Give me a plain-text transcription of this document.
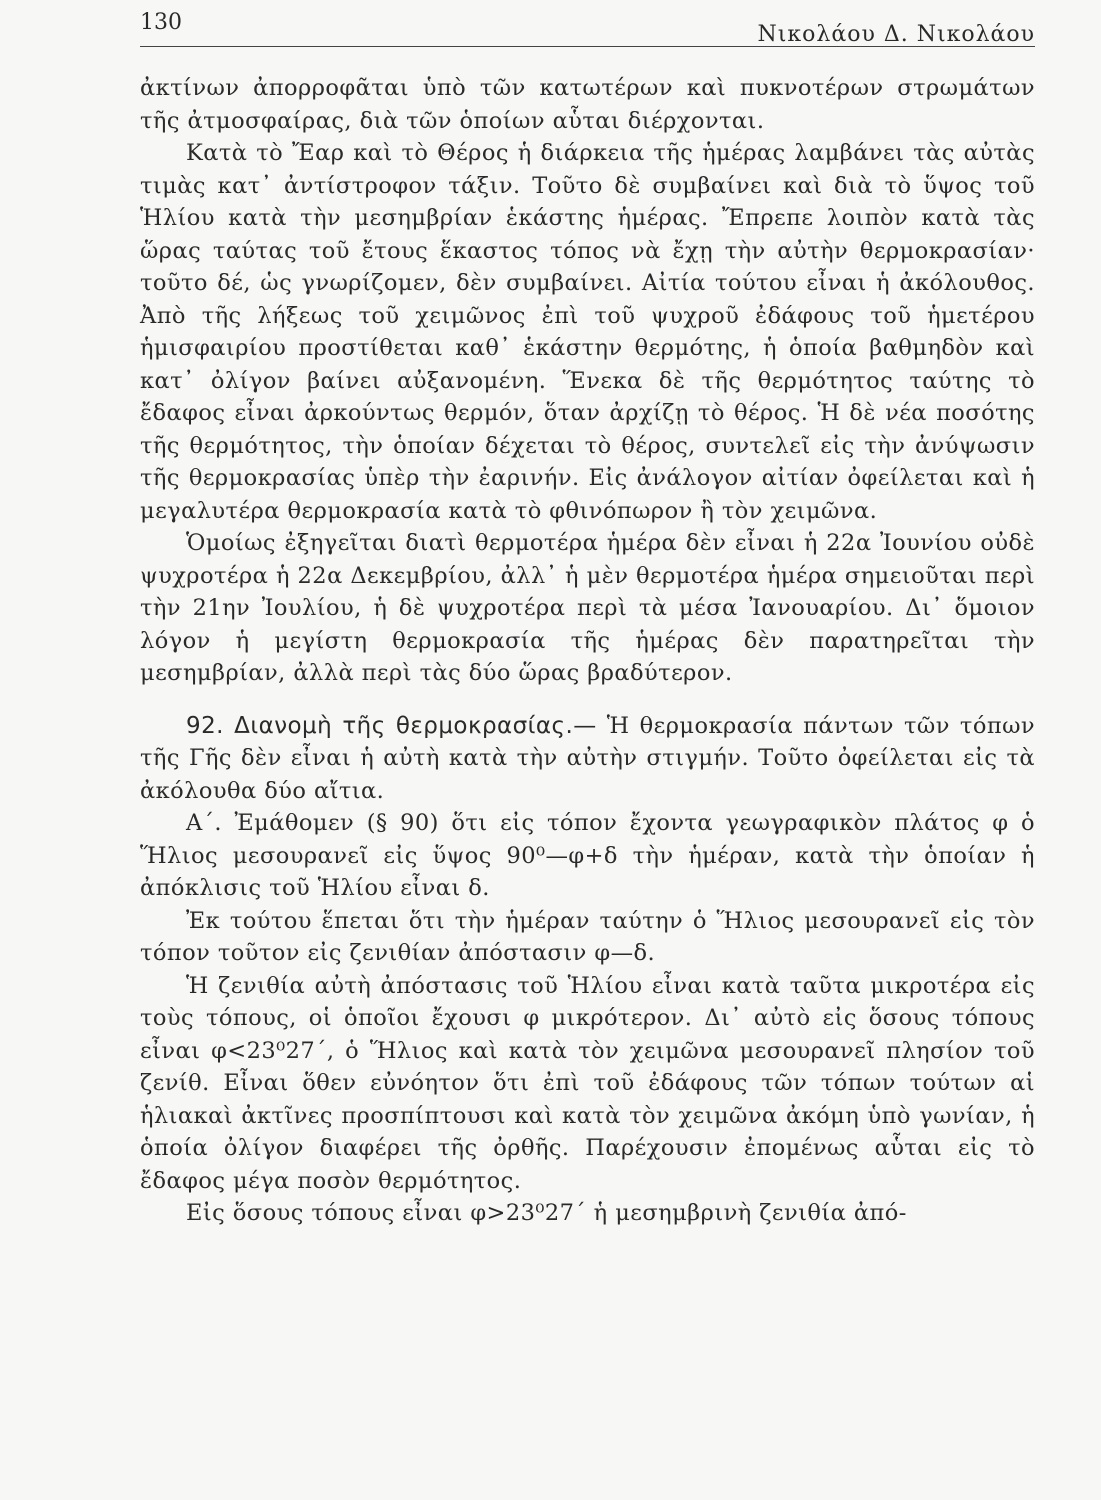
130	Νικολάου Δ. Νικολάου

ἀκτίνων ἀπορροφᾶται ὑπὸ τῶν κατωτέρων καὶ πυκνοτέρων στρωμάτων τῆς ἀτμοσφαίρας, διὰ τῶν ὁποίων αὗται διέρχονται.

Κατὰ τὸ Ἔαρ καὶ τὸ Θέρος ἡ διάρκεια τῆς ἡμέρας λαμβάνει τὰς αὐτὰς τιμὰς κατ᾽ ἀντίστροφον τάξιν. Τοῦτο δὲ συμβαίνει καὶ διὰ τὸ ὕψος τοῦ Ἡλίου κατὰ τὴν μεσημβρίαν ἑκάστης ἡμέρας. Ἔπρεπε λοιπὸν κατὰ τὰς ὥρας ταύτας τοῦ ἔτους ἕκαστος τόπος νὰ ἔχῃ τὴν αὐτὴν θερμοκρασίαν· τοῦτο δέ, ὡς γνωρίζομεν, δὲν συμβαίνει. Αἰτία τούτου εἶναι ἡ ἀκόλουθος. Ἀπὸ τῆς λήξεως τοῦ χειμῶνος ἐπὶ τοῦ ψυχροῦ ἐδάφους τοῦ ἡμετέρου ἡμισφαιρίου προστίθεται καθ᾽ ἑκάστην θερμότης, ἡ ὁποία βαθμηδὸν καὶ κατ᾽ ὀλίγον βαίνει αὐξανομένη. Ἕνεκα δὲ τῆς θερμότητος ταύτης τὸ ἔδαφος εἶναι ἀρκούντως θερμόν, ὅταν ἀρχίζῃ τὸ θέρος. Ἡ δὲ νέα ποσότης τῆς θερμότητος, τὴν ὁποίαν δέχεται τὸ θέρος, συντελεῖ εἰς τὴν ἀνύψωσιν τῆς θερμοκρασίας ὑπὲρ τὴν ἐαρινήν. Εἰς ἀνάλογον αἰτίαν ὀφείλεται καὶ ἡ μεγαλυτέρα θερμοκρασία κατὰ τὸ φθινόπωρον ἢ τὸν χειμῶνα.

Ὁμοίως ἐξηγεῖται διατὶ θερμοτέρα ἡμέρα δὲν εἶναι ἡ 22α Ἰουνίου οὐδὲ ψυχροτέρα ἡ 22α Δεκεμβρίου, ἀλλ᾽ ἡ μὲν θερμοτέρα ἡμέρα σημειοῦται περὶ τὴν 21ην Ἰουλίου, ἡ δὲ ψυχροτέρα περὶ τὰ μέσα Ἰανουαρίου. Δι᾽ ὅμοιον λόγον ἡ μεγίστη θερμοκρασία τῆς ἡμέρας δὲν παρατηρεῖται τὴν μεσημβρίαν, ἀλλὰ περὶ τὰς δύο ὥρας βραδύτερον.

92. Διανομὴ τῆς θερμοκρασίας.— Ἡ θερμοκρασία πάντων τῶν τόπων τῆς Γῆς δὲν εἶναι ἡ αὐτὴ κατὰ τὴν αὐτὴν στιγμήν. Τοῦτο ὀφείλεται εἰς τὰ ἀκόλουθα δύο αἴτια.

Α΄. Ἐμάθομεν (§ 90) ὅτι εἰς τόπον ἔχοντα γεωγραφικὸν πλάτος φ ὁ Ἥλιος μεσουρανεῖ εἰς ὕψος 90⁰—φ+δ τὴν ἡμέραν, κατὰ τὴν ὁποίαν ἡ ἀπόκλισις τοῦ Ἡλίου εἶναι δ.

Ἐκ τούτου ἕπεται ὅτι τὴν ἡμέραν ταύτην ὁ Ἥλιος μεσουρανεῖ εἰς τὸν τόπον τοῦτον εἰς ζενιθίαν ἀπόστασιν φ—δ.

Ἡ ζενιθία αὐτὴ ἀπόστασις τοῦ Ἡλίου εἶναι κατὰ ταῦτα μικροτέρα εἰς τοὺς τόπους, οἱ ὁποῖοι ἔχουσι φ μικρότερον. Δι᾽ αὐτὸ εἰς ὅσους τόπους εἶναι φ<23⁰27΄, ὁ Ἥλιος καὶ κατὰ τὸν χειμῶνα μεσουρανεῖ πλησίον τοῦ ζενίθ. Εἶναι ὅθεν εὐνόητον ὅτι ἐπὶ τοῦ ἐδάφους τῶν τόπων τούτων αἱ ἡλιακαὶ ἀκτῖνες προσπίπτουσι καὶ κατὰ τὸν χειμῶνα ἀκόμη ὑπὸ γωνίαν, ἡ ὁποία ὀλίγον διαφέρει τῆς ὀρθῆς. Παρέχουσιν ἐπομένως αὗται εἰς τὸ ἔδαφος μέγα ποσὸν θερμότητος.

Εἰς ὅσους τόπους εἶναι φ>23⁰27΄ ἡ μεσημβρινὴ ζενιθία ἀπό-
